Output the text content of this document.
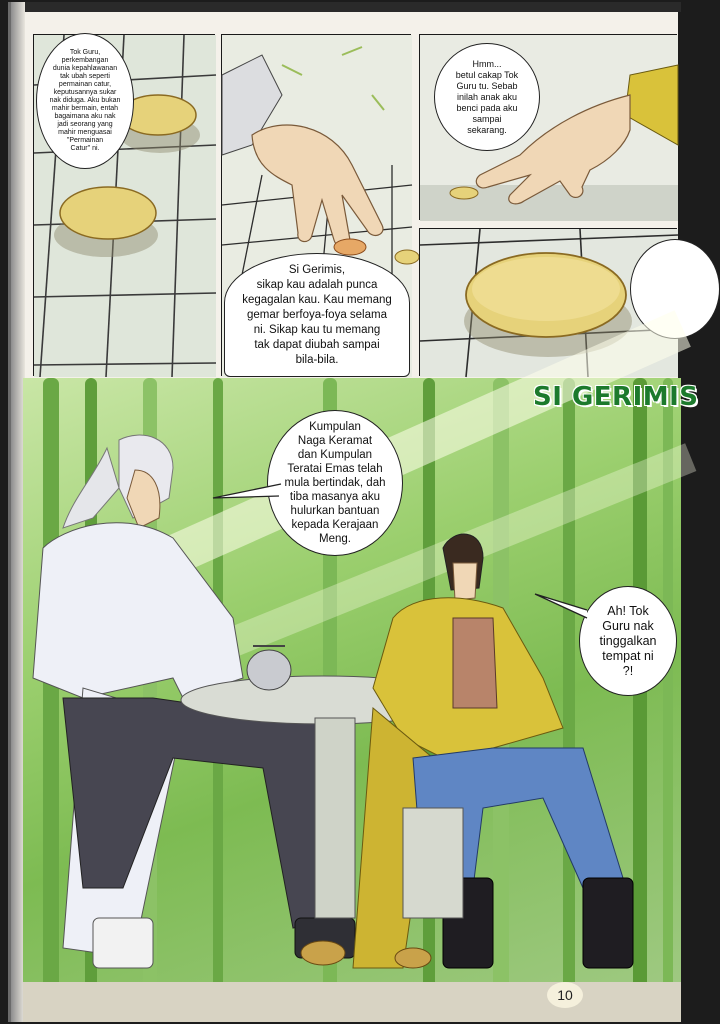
Tok Guru,
perkembangan
dunia kepahlawanan
tak ubah seperti
permainan catur,
keputusannya sukar
nak diduga. Aku bukan
mahir bermain, entah
bagaimana aku nak
jadi seorang yang
mahir menguasai
"Permainan
Catur" ni.
Si Gerimis,
sikap kau adalah punca
kegagalan kau. Kau memang
gemar berfoya-foya selama
ni. Sikap kau tu memang
tak dapat diubah sampai
bila-bila.
Hmm...
betul cakap Tok
Guru tu. Sebab
inilah anak aku
benci pada aku
sampai
sekarang.
SI GERIMIS
Kumpulan
Naga Keramat
dan Kumpulan
Teratai Emas telah
mula bertindak, dah
tiba masanya aku
hulurkan bantuan
kepada Kerajaan
Meng.
Ah! Tok
Guru nak
tinggalkan
tempat ni
?!
10
